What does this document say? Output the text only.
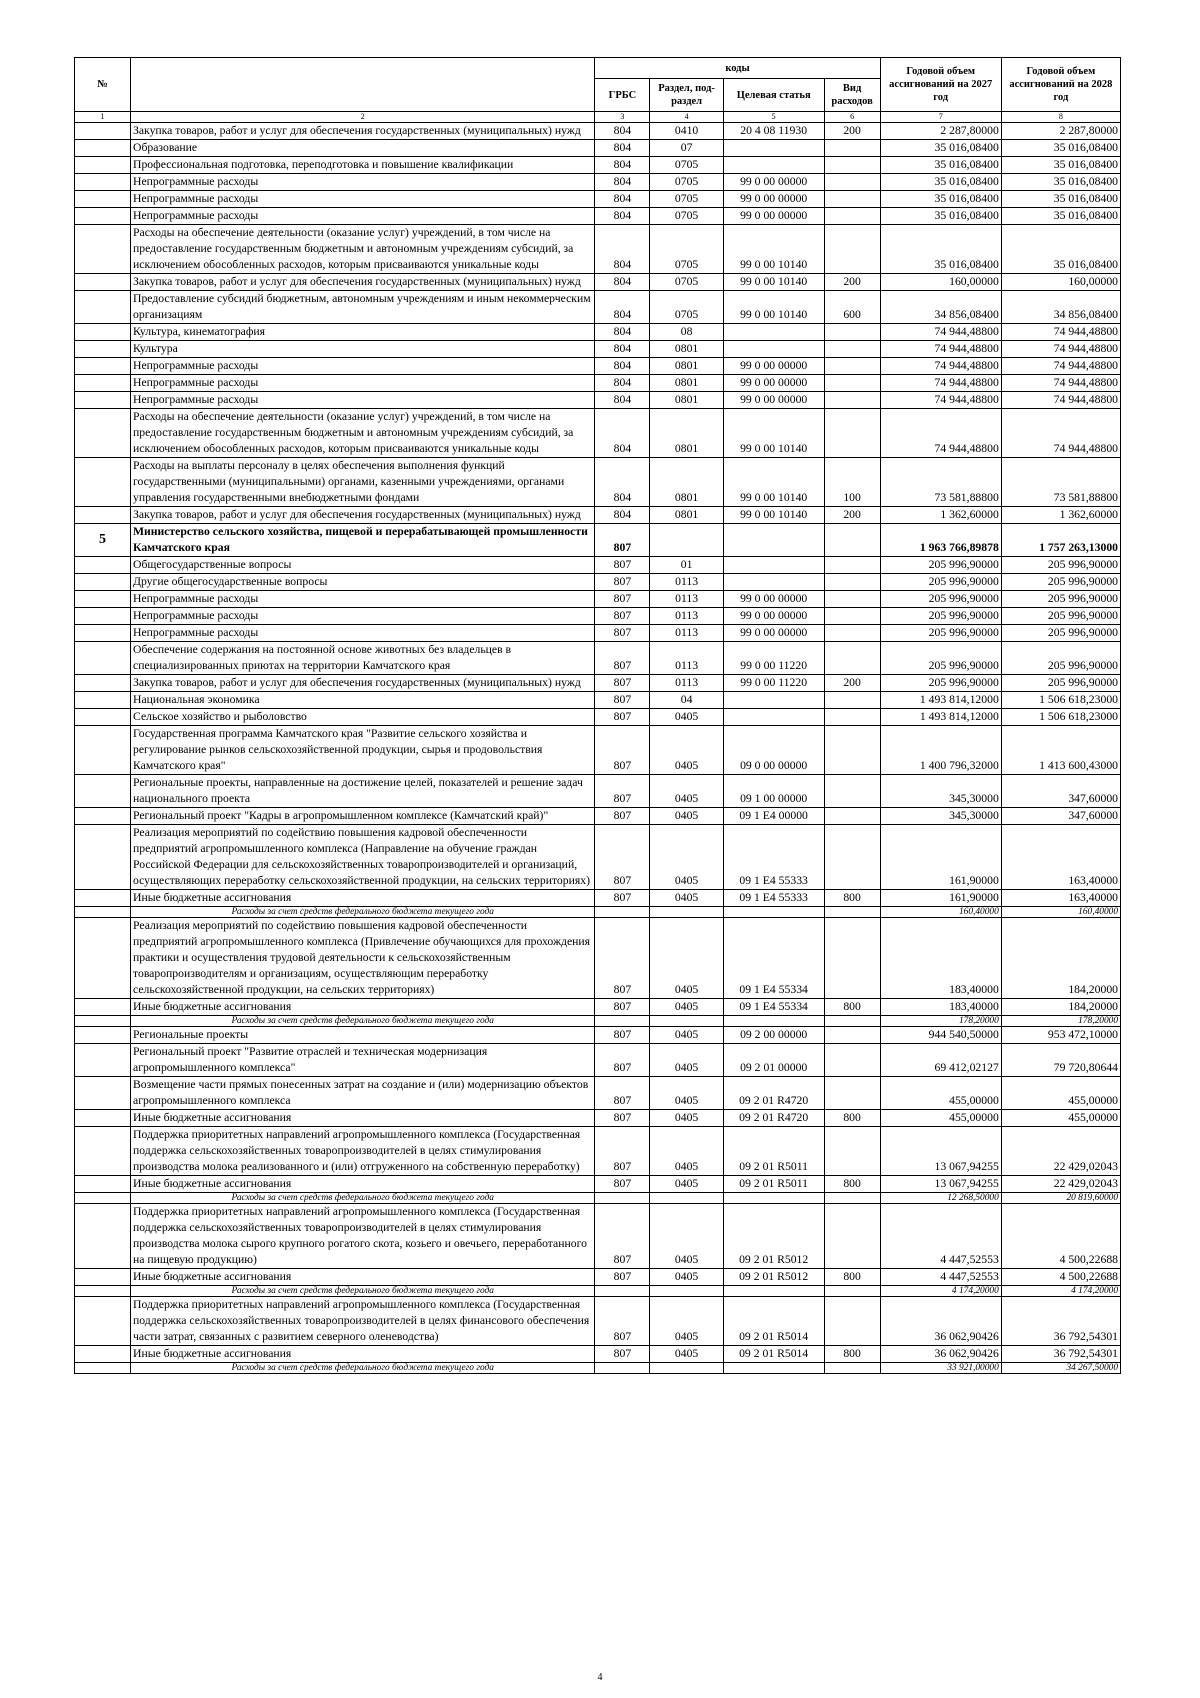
№		коды				Годовой объем ассигнований на 2027 год	Годовой объем ассигнований на 2028 год
		ГРБС	Раздел, под-раздел	Целевая статья	Вид расходов		
1	2	3	4	5	6	7	8
	Закупка товаров, работ и услуг для обеспечения государственных (муниципальных) нужд	804	0410	20 4 08 11930	200	2 287,80000	2 287,80000
	Образование	804	07			35 016,08400	35 016,08400
	Профессиональная подготовка, переподготовка и повышение квалификации	804	0705			35 016,08400	35 016,08400
	Непрограммные расходы	804	0705	99 0 00 00000		35 016,08400	35 016,08400
	Непрограммные расходы	804	0705	99 0 00 00000		35 016,08400	35 016,08400
	Непрограммные расходы	804	0705	99 0 00 00000		35 016,08400	35 016,08400
	Расходы на обеспечение деятельности (оказание услуг) учреждений, в том числе на предоставление государственным бюджетным и автономным учреждениям субсидий, за исключением обособленных расходов, которым присваиваются уникальные коды	804	0705	99 0 00 10140		35 016,08400	35 016,08400
	Закупка товаров, работ и услуг для обеспечения государственных (муниципальных) нужд	804	0705	99 0 00 10140	200	160,00000	160,00000
	Предоставление субсидий бюджетным, автономным учреждениям и иным некоммерческим организациям	804	0705	99 0 00 10140	600	34 856,08400	34 856,08400
	Культура, кинематография	804	08			74 944,48800	74 944,48800
	Культура	804	0801			74 944,48800	74 944,48800
	Непрограммные расходы	804	0801	99 0 00 00000		74 944,48800	74 944,48800
	Непрограммные расходы	804	0801	99 0 00 00000		74 944,48800	74 944,48800
	Непрограммные расходы	804	0801	99 0 00 00000		74 944,48800	74 944,48800
	Расходы на обеспечение деятельности (оказание услуг) учреждений, в том числе на предоставление государственным бюджетным и автономным учреждениям субсидий, за исключением обособленных расходов, которым присваиваются уникальные коды	804	0801	99 0 00 10140		74 944,48800	74 944,48800
	Расходы на выплаты персоналу в целях обеспечения выполнения функций государственными (муниципальными) органами, казенными учреждениями, органами управления государственными внебюджетными фондами	804	0801	99 0 00 10140	100	73 581,88800	73 581,88800
	Закупка товаров, работ и услуг для обеспечения государственных (муниципальных) нужд	804	0801	99 0 00 10140	200	1 362,60000	1 362,60000
5	Министерство сельского хозяйства, пищевой и перерабатывающей промышленности Камчатского края	807				1 963 766,89878	1 757 263,13000
	Общегосударственные вопросы	807	01			205 996,90000	205 996,90000
	Другие общегосударственные вопросы	807	0113			205 996,90000	205 996,90000
	Непрограммные расходы	807	0113	99 0 00 00000		205 996,90000	205 996,90000
	Непрограммные расходы	807	0113	99 0 00 00000		205 996,90000	205 996,90000
	Непрограммные расходы	807	0113	99 0 00 00000		205 996,90000	205 996,90000
	Обеспечение содержания на постоянной основе животных без владельцев в специализированных приютах на территории Камчатского края	807	0113	99 0 00 11220		205 996,90000	205 996,90000
	Закупка товаров, работ и услуг для обеспечения государственных (муниципальных) нужд	807	0113	99 0 00 11220	200	205 996,90000	205 996,90000
	Национальная экономика	807	04			1 493 814,12000	1 506 618,23000
	Сельское хозяйство и рыболовство	807	0405			1 493 814,12000	1 506 618,23000
	Государственная программа Камчатского края "Развитие сельского хозяйства и регулирование рынков сельскохозяйственной продукции, сырья и продовольствия Камчатского края"	807	0405	09 0 00 00000		1 400 796,32000	1 413 600,43000
	Региональные проекты, направленные на достижение целей, показателей и решение задач национального проекта	807	0405	09 1 00 00000		345,30000	347,60000
	Региональный проект "Кадры в агропромышленном комплексе (Камчатский край)"	807	0405	09 1 Е4 00000		345,30000	347,60000
	Реализация мероприятий по содействию повышения кадровой обеспеченности предприятий агропромышленного комплекса (Направление на обучение граждан Российской Федерации для сельскохозяйственных товаропроизводителей и организаций, осуществляющих переработку сельскохозяйственной продукции, на сельских территориях)	807	0405	09 1 Е4 55333		161,90000	163,40000
	Иные бюджетные ассигнования	807	0405	09 1 Е4 55333	800	161,90000	163,40000
	Расходы за счет средств федерального бюджета текущего года					160,40000	160,40000
	Реализация мероприятий по содействию повышения кадровой обеспеченности предприятий агропромышленного комплекса (Привлечение обучающихся для прохождения практики и осуществления трудовой деятельности к сельскохозяйственным товаропроизводителям и организациям, осуществляющим переработку сельскохозяйственной продукции, на сельских территориях)	807	0405	09 1 Е4 55334		183,40000	184,20000
	Иные бюджетные ассигнования	807	0405	09 1 Е4 55334	800	183,40000	184,20000
	Расходы за счет средств федерального бюджета текущего года					178,20000	178,20000
	Региональные проекты	807	0405	09 2 00 00000		944 540,50000	953 472,10000
	Региональный проект "Развитие отраслей и техническая модернизация агропромышленного комплекса"	807	0405	09 2 01 00000		69 412,02127	79 720,80644
	Возмещение части прямых понесенных затрат на создание и (или) модернизацию объектов агропромышленного комплекса	807	0405	09 2 01 R4720		455,00000	455,00000
	Иные бюджетные ассигнования	807	0405	09 2 01 R4720	800	455,00000	455,00000
	Поддержка приоритетных направлений агропромышленного комплекса (Государственная поддержка сельскохозяйственных товаропроизводителей в целях стимулирования производства молока реализованного и (или) отгруженного на собственную переработку)	807	0405	09 2 01 R5011		13 067,94255	22 429,02043
	Иные бюджетные ассигнования	807	0405	09 2 01 R5011	800	13 067,94255	22 429,02043
	Расходы за счет средств федерального бюджета текущего года					12 268,50000	20 819,60000
	Поддержка приоритетных направлений агропромышленного комплекса (Государственная поддержка сельскохозяйственных товаропроизводителей в целях стимулирования производства молока сырого крупного рогатого скота, козьего и овечьего, переработанного на пищевую продукцию)	807	0405	09 2 01 R5012		4 447,52553	4 500,22688
	Иные бюджетные ассигнования	807	0405	09 2 01 R5012	800	4 447,52553	4 500,22688
	Расходы за счет средств федерального бюджета текущего года					4 174,20000	4 174,20000
	Поддержка приоритетных направлений агропромышленного комплекса (Государственная поддержка сельскохозяйственных товаропроизводителей в целях финансового обеспечения части затрат, связанных с развитием северного оленеводства)	807	0405	09 2 01 R5014		36 062,90426	36 792,54301
	Иные бюджетные ассигнования	807	0405	09 2 01 R5014	800	36 062,90426	36 792,54301
	Расходы за счет средств федерального бюджета текущего года					33 921,00000	34 267,50000
4
